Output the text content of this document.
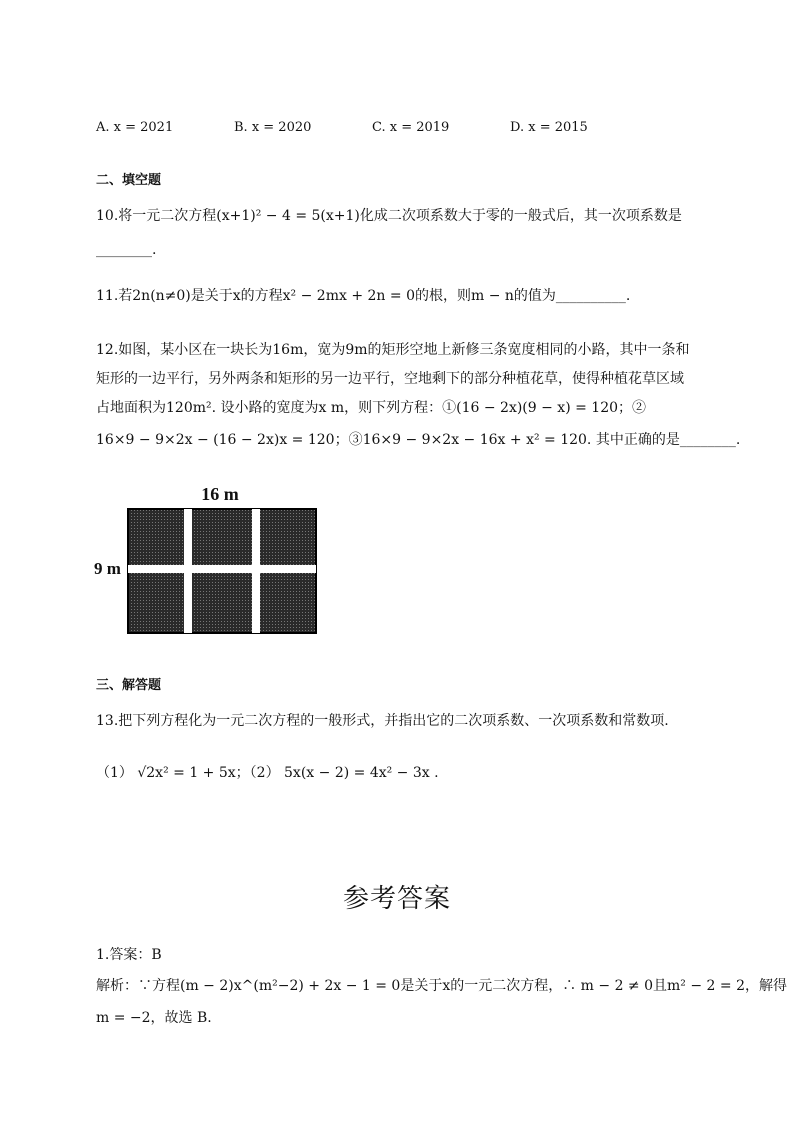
A. x = 2021	B. x = 2020	C. x = 2019	D. x = 2015
二、填空题
10.将一元二次方程(x+1)² − 4 = 5(x+1)化成二次项系数大于零的一般式后，其一次项系数是
________.
11.若2n(n≠0)是关于x的方程x² − 2mx + 2n = 0的根，则m − n的值为__________.
12.如图，某小区在一块长为16m，宽为9m的矩形空地上新修三条宽度相同的小路，其中一条和
矩形的一边平行，另外两条和矩形的另一边平行，空地剩下的部分种植花草，使得种植花草区域
占地面积为120m². 设小路的宽度为x m，则下列方程：①(16 − 2x)(9 − x) = 120；②
16×9 − 9×2x − (16 − 2x)x = 120；③16×9 − 9×2x − 16x + x² = 120. 其中正确的是________.
16 m
9 m
三、解答题
13.把下列方程化为一元二次方程的一般形式，并指出它的二次项系数、一次项系数和常数项.
（1） √2x² = 1 + 5x；（2） 5x(x − 2) = 4x² − 3x .
参考答案
1.答案：B
解析：∵方程(m − 2)x^(m²−2) + 2x − 1 = 0是关于x的一元二次方程，∴ m − 2 ≠ 0且m² − 2 = 2，解得
m = −2，故选 B.
